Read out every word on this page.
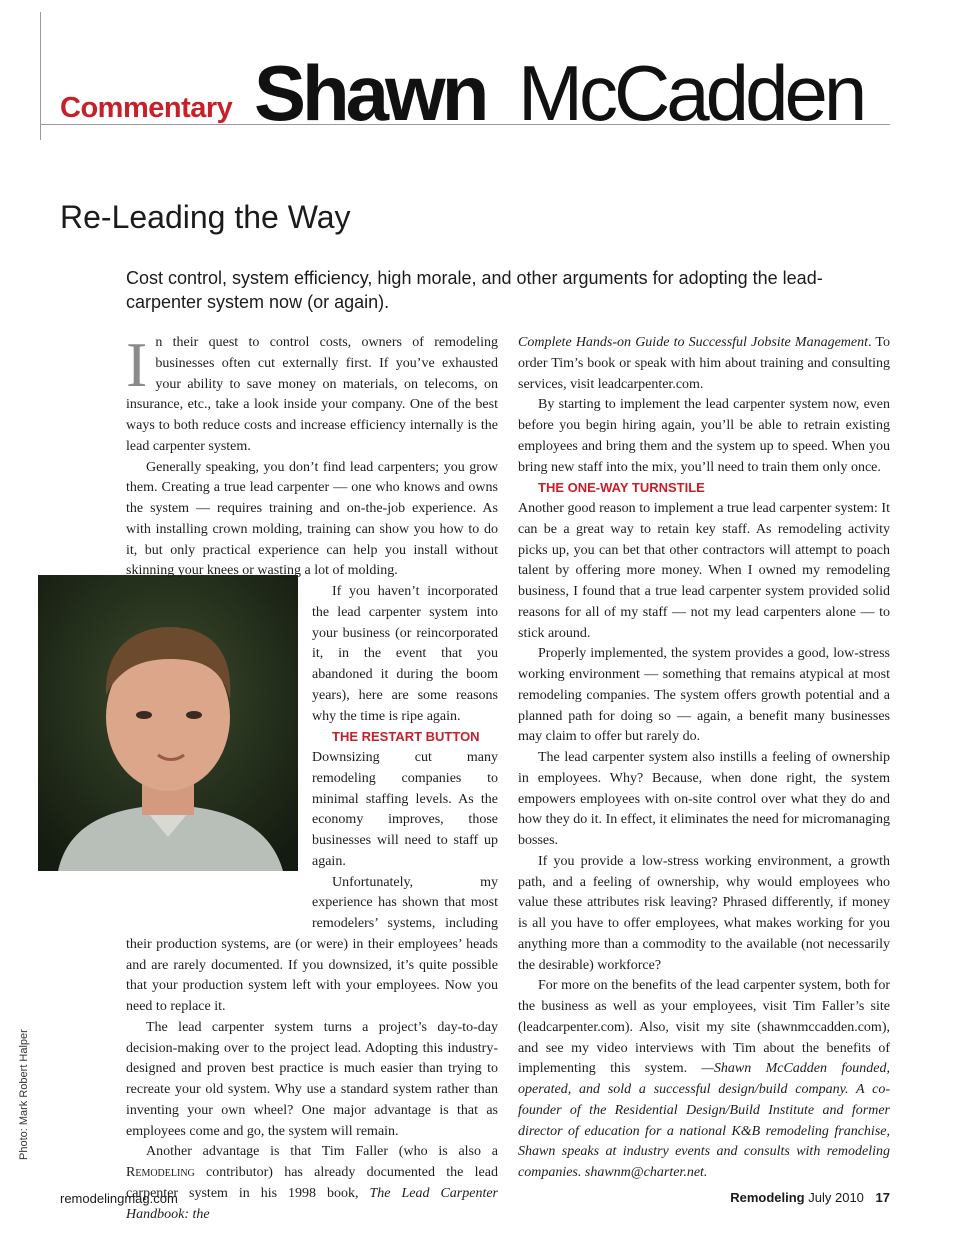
Commentary Shawn McCadden
Re-Leading the Way
Cost control, system efficiency, high morale, and other arguments for adopting the lead-carpenter system now (or again).
Photo: Mark Robert Halper

In their quest to control costs, owners of remodeling businesses often cut externally first. If you’ve exhausted your ability to save money on materials, on telecoms, on insurance, etc., take a look inside your company. One of the best ways to both reduce costs and increase efficiency internally is the lead carpenter system.

Generally speaking, you don’t find lead carpenters; you grow them. Creating a true lead carpenter — one who knows and owns the system — requires training and on-the-job experience. As with installing crown molding, training can show you how to do it, but only practical experience can help you install without skinning your knees or wasting a lot of molding.

If you haven’t incorporated the lead carpenter system into your business (or reincorporated it, in the event that you abandoned it during the boom years), here are some reasons why the time is ripe again.

THE RESTART BUTTON

Downsizing cut many remodeling companies to minimal staffing levels. As the economy improves, those businesses will need to staff up again.

Unfortunately, my experience has shown that most remodelers’ systems, including their production systems, are (or were) in their employees’ heads and are rarely documented. If you downsized, it’s quite possible that your production system left with your employees. Now you need to replace it.

The lead carpenter system turns a project’s day-to-day decision-making over to the project lead. Adopting this industry-designed and proven best practice is much easier than trying to recreate your old system. Why use a standard system rather than inventing your own wheel? One major advantage is that as employees come and go, the system will remain.

Another advantage is that Tim Faller (who is also a Remodeling contributor) has already documented the lead carpenter system in his 1998 book, The Lead Carpenter Handbook: the

Complete Hands-on Guide to Successful Jobsite Management. To order Tim’s book or speak with him about training and consulting services, visit leadcarpenter.com.

By starting to implement the lead carpenter system now, even before you begin hiring again, you’ll be able to retrain existing employees and bring them and the system up to speed. When you bring new staff into the mix, you’ll need to train them only once.

THE ONE-WAY TURNSTILE

Another good reason to implement a true lead carpenter system: It can be a great way to retain key staff. As remodeling activity picks up, you can bet that other contractors will attempt to poach talent by offering more money. When I owned my remodeling business, I found that a true lead carpenter system provided solid reasons for all of my staff — not my lead carpenters alone — to stick around.

Properly implemented, the system provides a good, low-stress working environment — something that remains atypical at most remodeling companies. The system offers growth potential and a planned path for doing so — again, a benefit many businesses may claim to offer but rarely do.

The lead carpenter system also instills a feeling of ownership in employees. Why? Because, when done right, the system empowers employees with on-site control over what they do and how they do it. In effect, it eliminates the need for micromanaging bosses.

If you provide a low-stress working environment, a growth path, and a feeling of ownership, why would employees who value these attributes risk leaving? Phrased differently, if money is all you have to offer employees, what makes working for you anything more than a commodity to the available (not necessarily the desirable) workforce?

For more on the benefits of the lead carpenter system, both for the business as well as your employees, visit Tim Faller’s site (leadcarpenter.com). Also, visit my site (shawnmccadden.com), and see my video interviews with Tim about the benefits of implementing this system. —Shawn McCadden founded, operated, and sold a successful design/build company. A co-founder of the Residential Design/Build Institute and former director of education for a national K&B remodeling franchise, Shawn speaks at industry events and consults with remodeling companies. shawnm@charter.net.

remodelingmag.com	Remodeling July 2010 17
